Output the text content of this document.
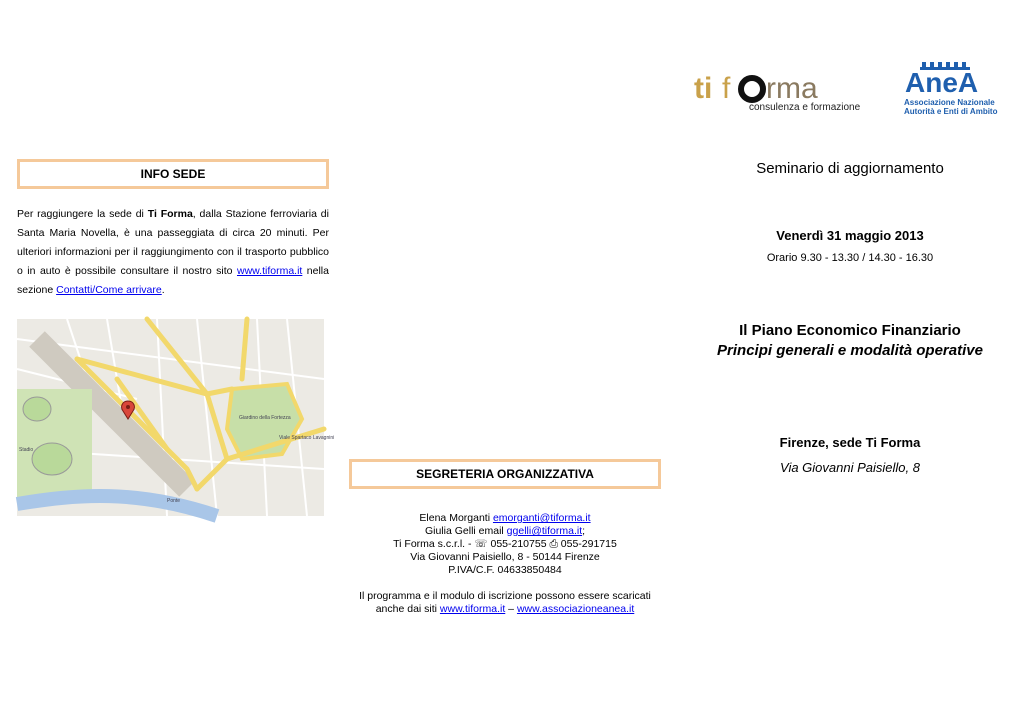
ti f rma
consulenza e formazione
AneA
Associazione Nazionale
Autorità e Enti di Ambito
INFO SEDE
Per raggiungere la sede di Ti Forma, dalla Stazione ferroviaria di Santa Maria Novella, è una passeggiata di circa 20 minuti. Per ulteriori informazioni per il raggiungimento con il trasporto pubblico o in auto è possibile consultare il nostro sito www.tiforma.it nella sezione Contatti/Come arrivare.
Giardino della Fortezza
Stadio
Viale Spartaco Lavagnini
Ponte
SEGRETERIA ORGANIZZATIVA
Elena Morganti emorganti@tiforma.it
Giulia Gelli email ggelli@tiforma.it;
Ti Forma s.c.r.l. - ☏ 055-210755 ⎙ 055-291715
Via Giovanni Paisiello, 8 - 50144 Firenze
P.IVA/C.F. 04633850484
Il programma e il modulo di iscrizione possono essere scaricati
anche dai siti www.tiforma.it – www.associazioneanea.it
Seminario di aggiornamento
Venerdì 31 maggio 2013
Orario 9.30 - 13.30 / 14.30 - 16.30
Il Piano Economico Finanziario
Principi generali e modalità operative
Firenze, sede Ti Forma
Via Giovanni Paisiello, 8
